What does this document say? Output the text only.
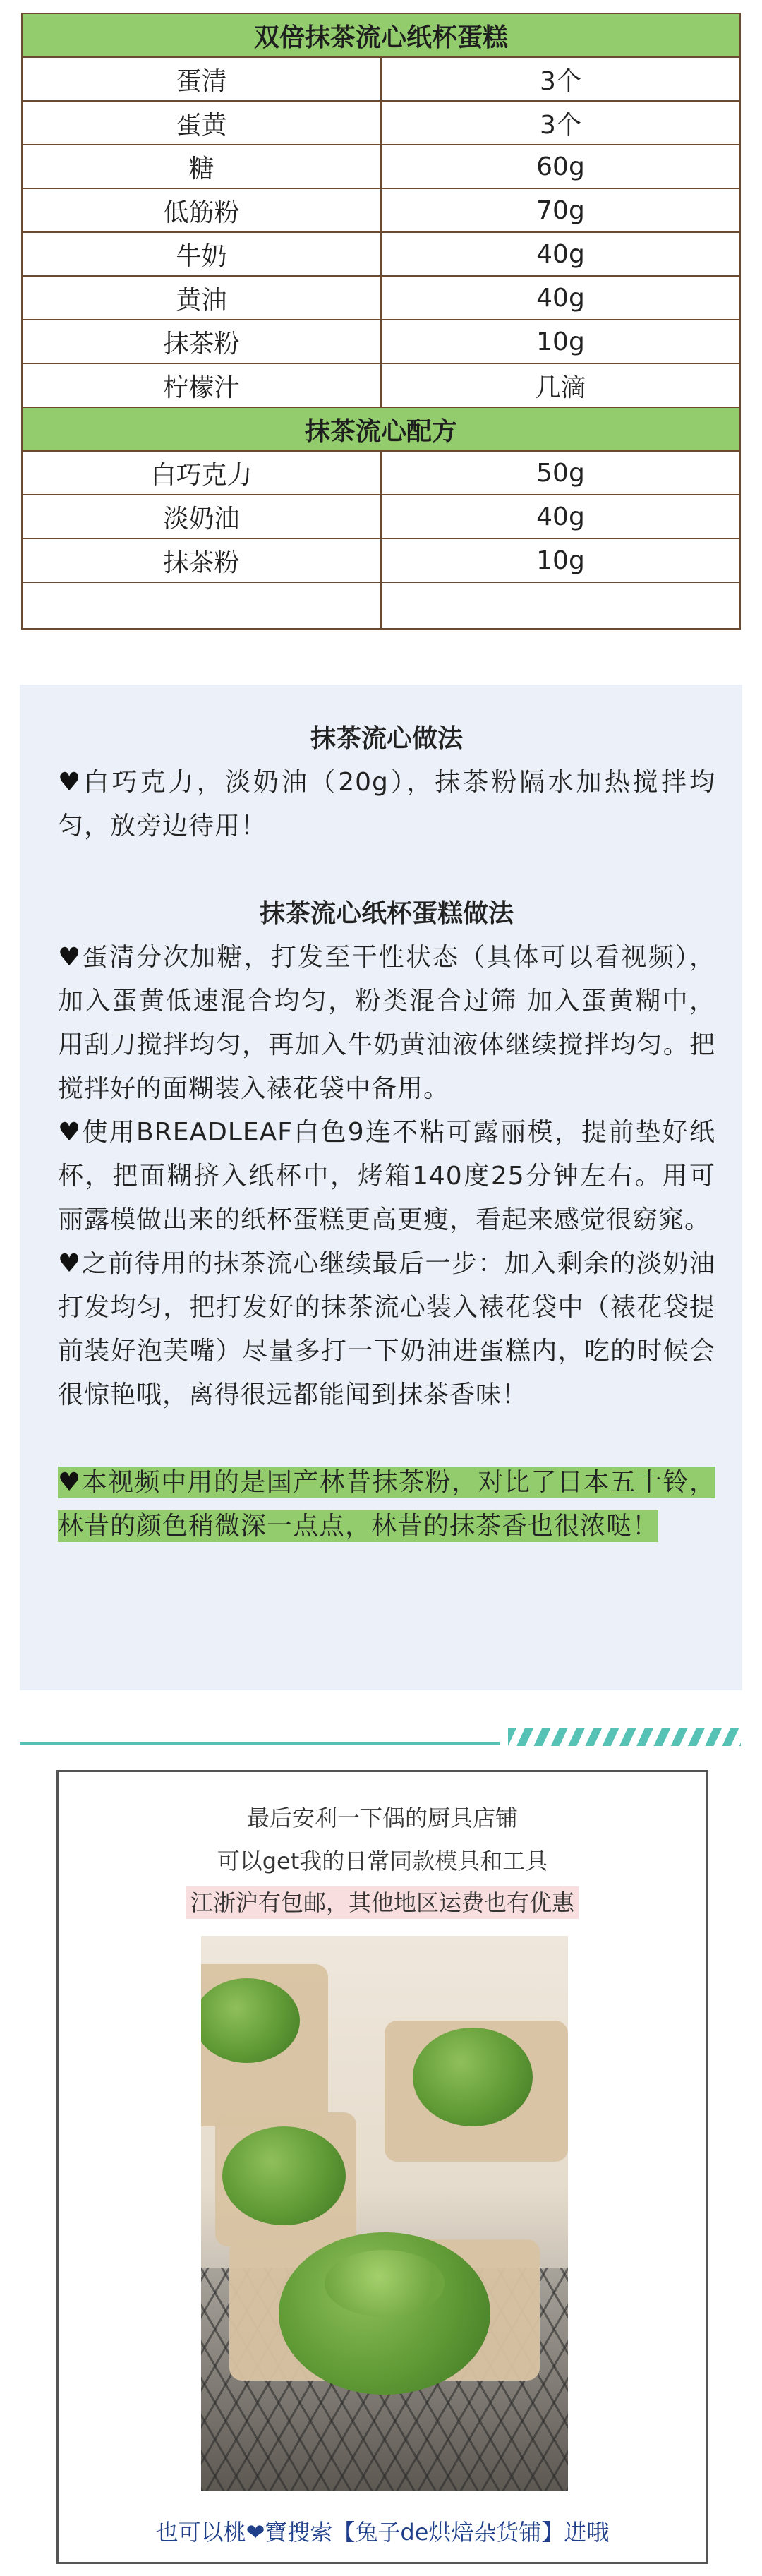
双倍抹茶流心纸杯蛋糕	
蛋清	3个
蛋黄	3个
糖	60g
低筋粉	70g
牛奶	40g
黄油	40g
抹茶粉	10g
柠檬汁	几滴
抹茶流心配方	
白巧克力	50g
淡奶油	40g
抹茶粉	10g

抹茶流心做法

♥白巧克力，淡奶油（20g），抹茶粉隔水加热搅拌均匀，放旁边待用！

抹茶流心纸杯蛋糕做法

♥蛋清分次加糖，打发至干性状态（具体可以看视频），加入蛋黄低速混合均匀，粉类混合过筛 加入蛋黄糊中，用刮刀搅拌均匀，再加入牛奶黄油液体继续搅拌均匀。把搅拌好的面糊装入裱花袋中备用。

♥使用BREADLEAF白色9连不粘可露丽模，提前垫好纸杯，把面糊挤入纸杯中，烤箱140度25分钟左右。用可丽露模做出来的纸杯蛋糕更高更瘦，看起来感觉很窈窕。

♥之前待用的抹茶流心继续最后一步：加入剩余的淡奶油打发均匀，把打发好的抹茶流心装入裱花袋中（裱花袋提前装好泡芙嘴）尽量多打一下奶油进蛋糕内，吃的时候会很惊艳哦，离得很远都能闻到抹茶香味！

♥本视频中用的是国产林昔抹茶粉，对比了日本五十铃，林昔的颜色稍微深一点点，林昔的抹茶香也很浓哒！

最后安利一下偶的厨具店铺
可以get我的日常同款模具和工具
江浙沪有包邮，其他地区运费也有优惠
也可以桃❤寶搜索【兔子de烘焙杂货铺】进哦
